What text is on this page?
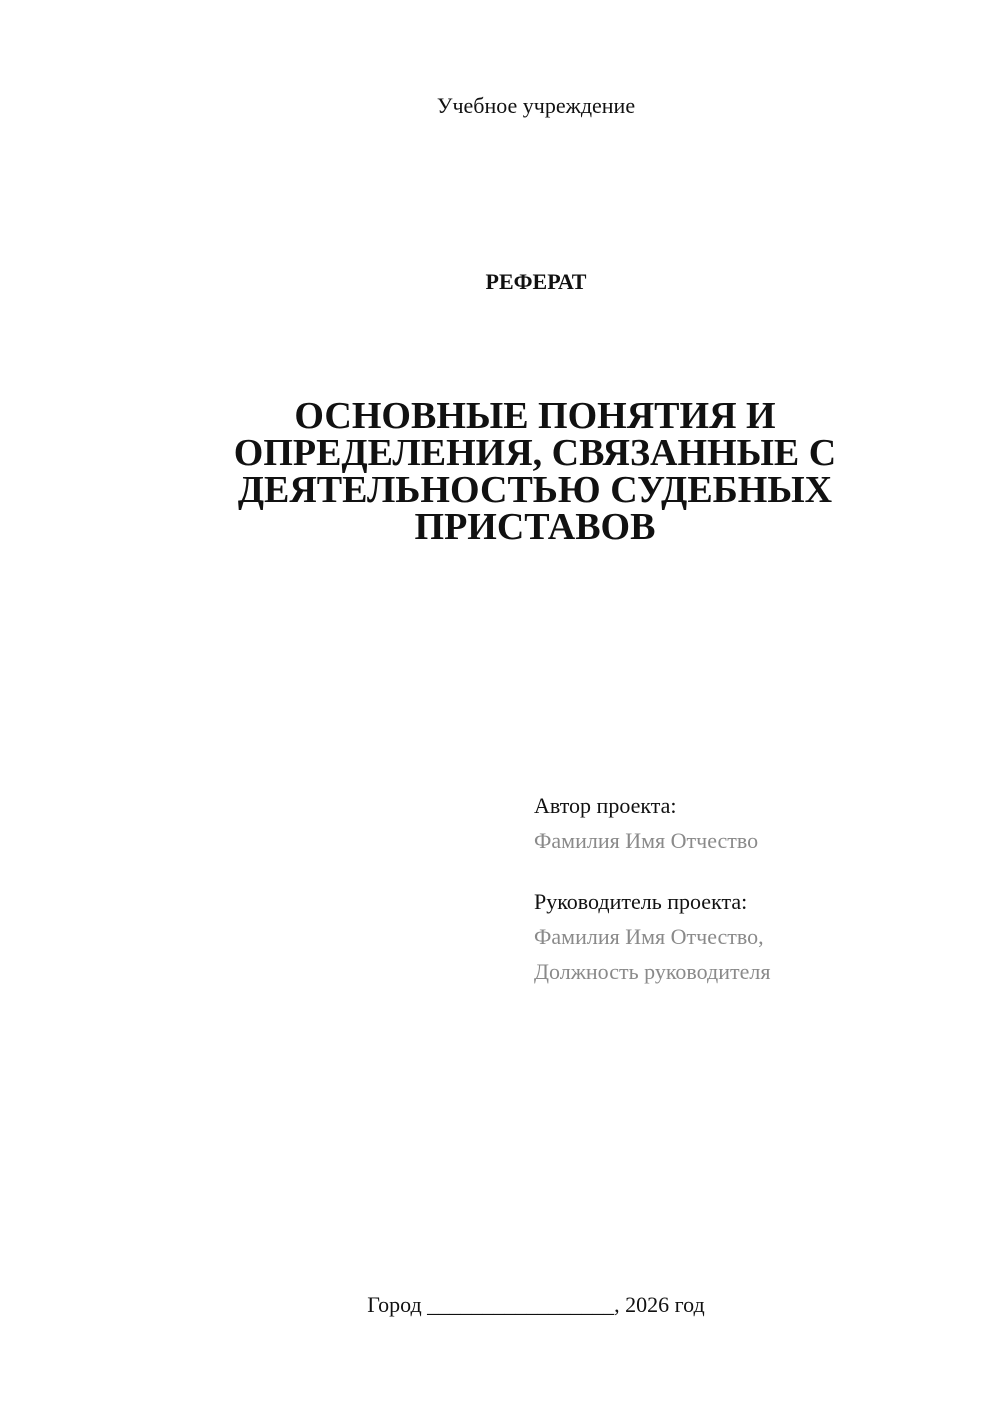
Учебное учреждение
РЕФЕРАТ
ОСНОВНЫЕ ПОНЯТИЯ И
ОПРЕДЕЛЕНИЯ, СВЯЗАННЫЕ С
ДЕЯТЕЛЬНОСТЬЮ СУДЕБНЫХ
ПРИСТАВОВ
Автор проекта:
Фамилия Имя Отчество
Руководитель проекта:
Фамилия Имя Отчество,
Должность руководителя
Город _________________, 2026 год
